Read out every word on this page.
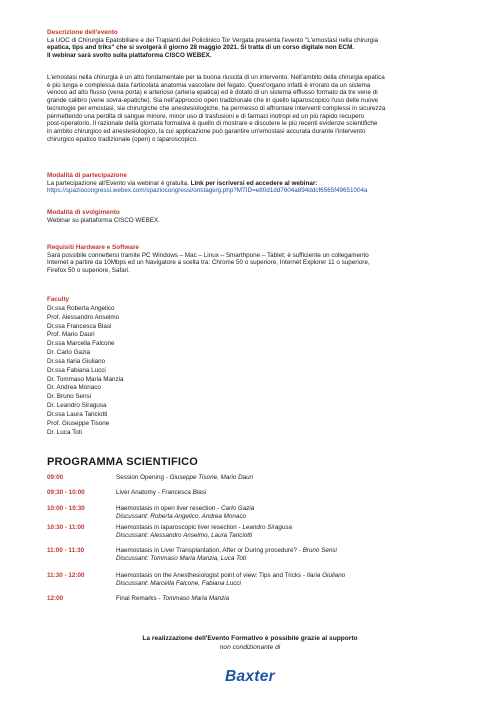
Descrizione dell'evento
La UOC di Chirurgia Epatobiliare e dei Trapianti del Policlinico Tor Vergata presenta l'evento "L'emostasi nella chirurgia
epatica, tips and triks" che si svolgerà il giorno 28 maggio 2021. Si tratta di un corso digitale non ECM.
Il webinar sarà svolto sulla piattaforma CISCO WEBEX.
L'emostasi nella chirurgia è un atto fondamentale per la buona riuscita di un intervento. Nell'ambito della chirurgia epatica
è più lunga e complessa data l'articolata anatomia vascolare del fegato. Quest'organo infatti è irrorato da un sistema
venoso ad alto flusso (vena porta) e arterioso (arteria epatica) ed è dotato di un sistema efflusso formato da tre vene di
grande calibro (vene sovra-epatiche). Sia nell'approccio open tradizionale che in quello laparoscopico l'uso delle nuove
tecnologie per emostasi, sia chirurgiche che anestesiologiche, ha permesso di affrontare interventi complessi in sicurezza
permettendo una perdita di sangue minore, minor uso di trasfusioni e di farmaci inotropi ed un più rapido recupero
post-operatorio. Il razionale della giornata formativa è quello di mostrare e discutere le più recenti evidenze scientifiche
in ambito chirurgico ed anestesiologico, la cui applicazione può garantire un'emostasi accurata durante l'intervento
chirurgico epatico tradizionale (open) o laparoscopico.
Modalità di partecipazione
La partecipazione all'Evento via webinar è gratuita. Link per iscriversi ed accedere al webinar:
https://spaziocongressi.webex.com/spaziocongressi/onstage/g.php?MTID=e80d1dd7604a894ddcf6565f49651004a
Modalità di svolgimento
Webinar su piattaforma CISCO WEBEX.
Requisiti Hardware e Software
Sarà possibile connettersi tramite PC Windows – Mac – Linux – Smarthpone – Tablet; è sufficiente un collegamento
Internet a partire da 10Mbps ed un Navigatore a scelta tra: Chrome 50 o superiore, Internet Explorer 11 o superiore,
Firefox 50 o superiore, Safari.
Faculty
Dr.ssa Roberta Angelico
Prof. Alessandro Anselmo
Dr.ssa Francesca Blasi
Prof. Mario Dauri
Dr.ssa Marcella Falcone
Dr. Carlo Gazia
Dr.ssa Ilaria Giuliano
Dr.ssa Fabiana Lucci
Dr. Tommaso Maria Manzia
Dr. Andrea Monaco
Dr. Bruno Sensi
Dr. Leandro Siragusa
Dr.ssa Laura Tariciotti
Prof. Giuseppe Tisone
Dr. Luca Toti
PROGRAMMA SCIENTIFICO
09:00	Session Opening - Giuseppe Tisone, Mario Dauri
09:30 - 10:00	Liver Anatomy - Francesca Blasi
10:00 - 10:30	Haemostasis in open liver resection - Carlo Gazia
Discussant: Roberta Angelico, Andrea Monaco
10:30 - 11:00	Haemostasis in laparoscopic liver resection - Leandro Siragusa
Discussant: Alessandro Anselmo, Laura Tariciotti
11:00 - 11:30	Haemostasis in Liver Transplantation, After or During procedure? - Bruno Sensi
Discussant: Tommaso Maria Manzia, Luca Toti
11:30 - 12:00	Haemostasis on the Anesthesiologist point of view: Tips and Tricks - Ilaria Giuliano
Discussant: Marcella Falcone, Fabiana Lucci
12:00	Final Remarks - Tommaso Maria Manzia
La realizzazione dell'Evento Formativo è possibile grazie al supporto
non condizionante di
Baxter
